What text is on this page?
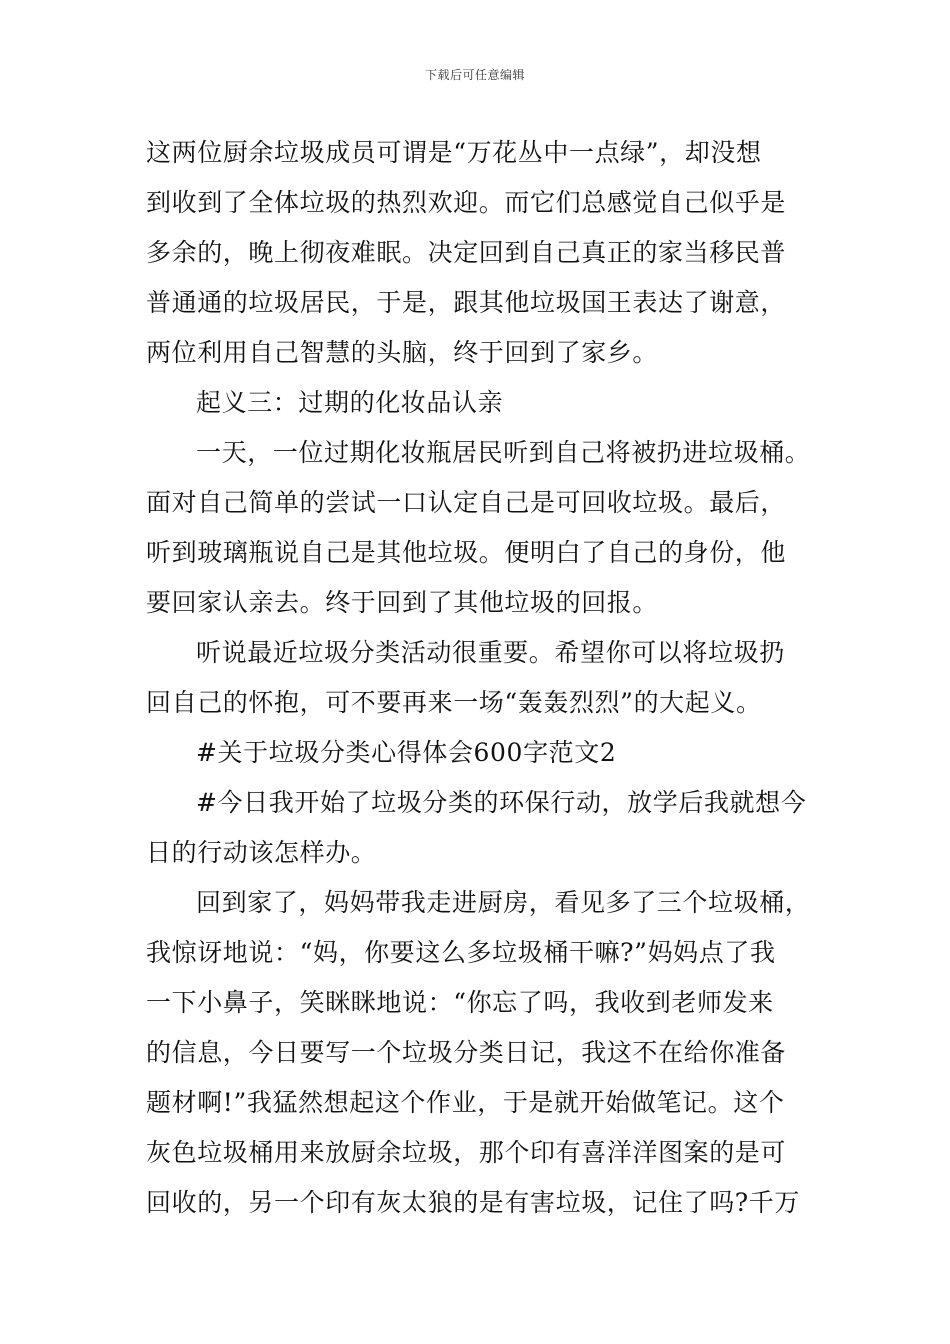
下载后可任意编辑
这两位厨余垃圾成员可谓是“万花丛中一点绿”，却没想
到收到了全体垃圾的热烈欢迎。而它们总感觉自己似乎是
多余的，晚上彻夜难眠。决定回到自己真正的家当移民普
普通通的垃圾居民，于是，跟其他垃圾国王表达了谢意，
两位利用自己智慧的头脑，终于回到了家乡。
起义三：过期的化妆品认亲
一天，一位过期化妆瓶居民听到自己将被扔进垃圾桶。
面对自己简单的尝试一口认定自己是可回收垃圾。最后，
听到玻璃瓶说自己是其他垃圾。便明白了自己的身份，他
要回家认亲去。终于回到了其他垃圾的回报。
听说最近垃圾分类活动很重要。希望你可以将垃圾扔
回自己的怀抱，可不要再来一场“轰轰烈烈”的大起义。
#关于垃圾分类心得体会600字范文2
#今日我开始了垃圾分类的环保行动，放学后我就想今
日的行动该怎样办。
回到家了，妈妈带我走进厨房，看见多了三个垃圾桶，
我惊讶地说：“妈，你要这么多垃圾桶干嘛?”妈妈点了我
一下小鼻子，笑眯眯地说：“你忘了吗，我收到老师发来
的信息，今日要写一个垃圾分类日记，我这不在给你准备
题材啊!”我猛然想起这个作业，于是就开始做笔记。这个
灰色垃圾桶用来放厨余垃圾，那个印有喜洋洋图案的是可
回收的，另一个印有灰太狼的是有害垃圾，记住了吗?千万
